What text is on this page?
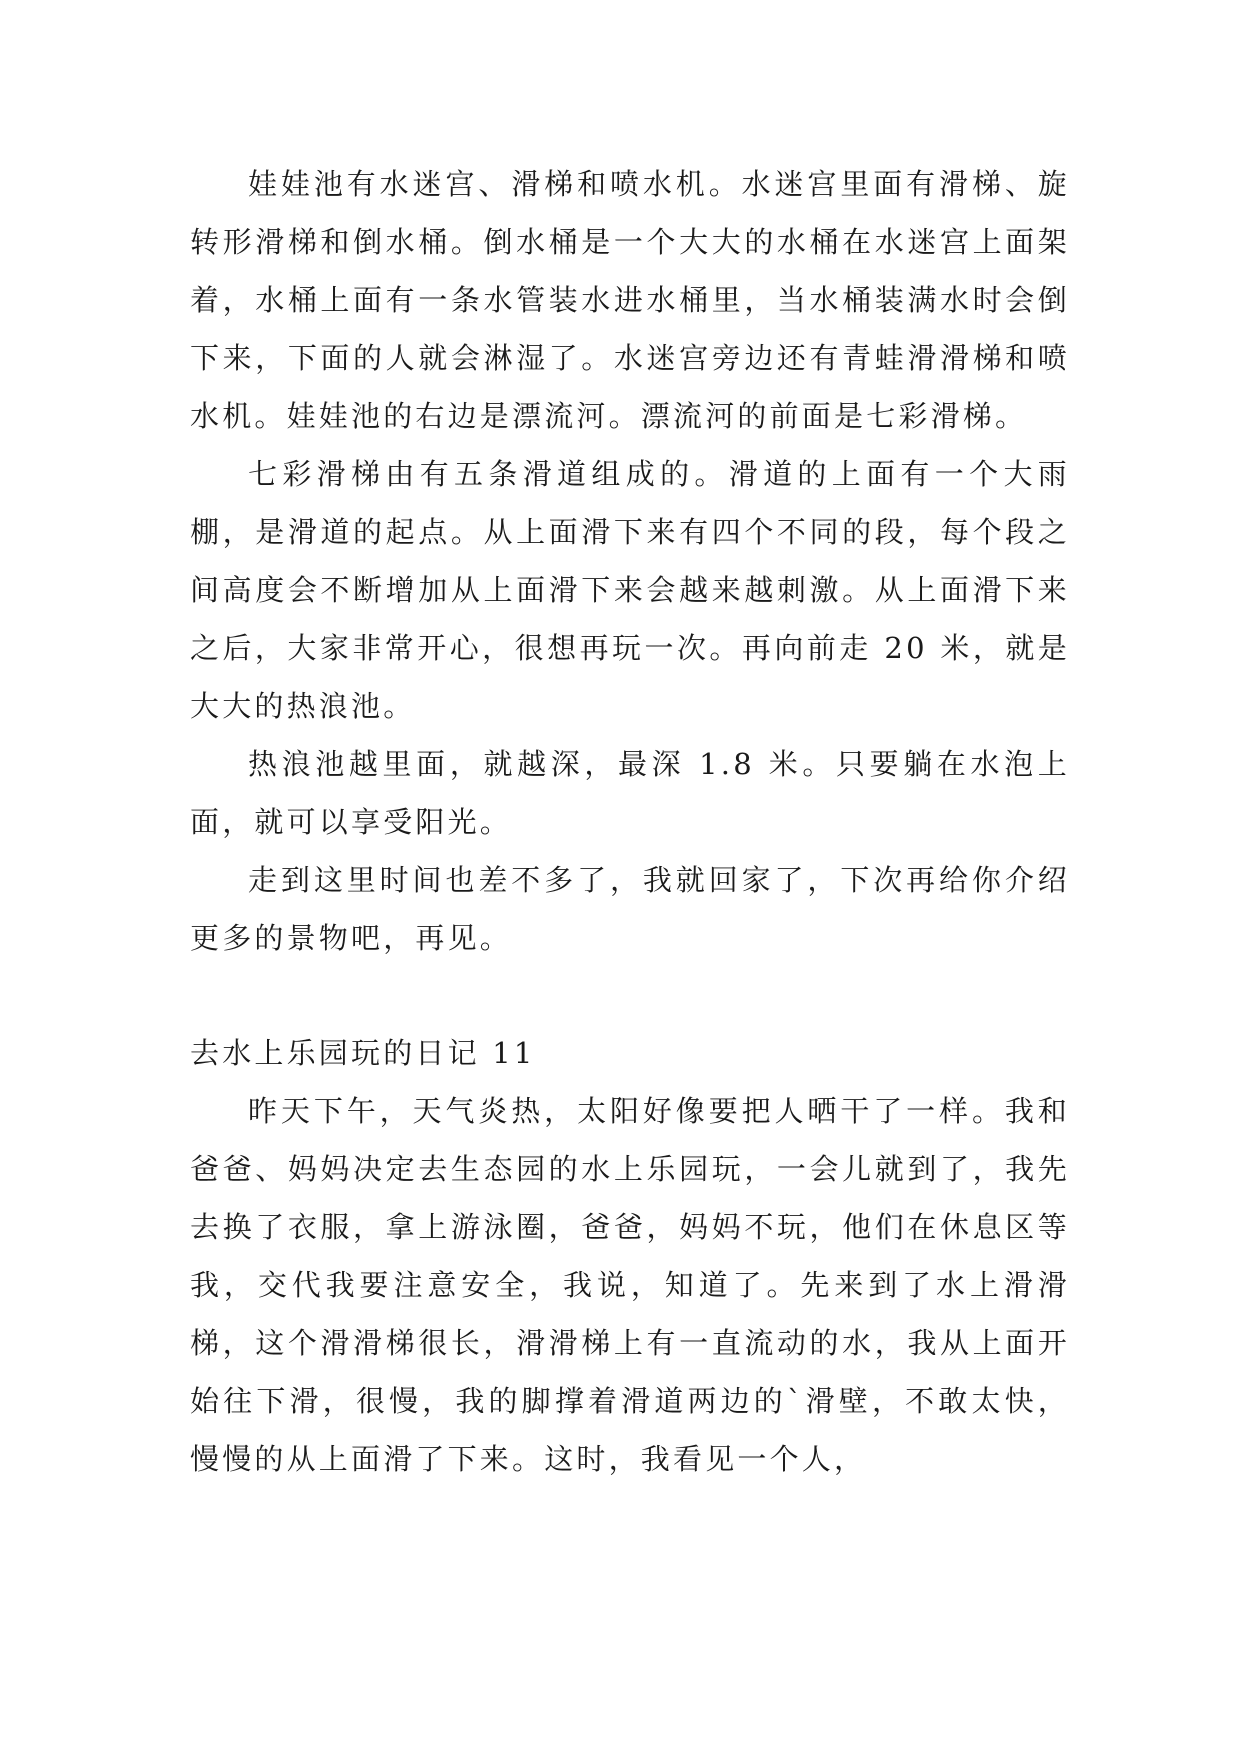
娃娃池有水迷宫、滑梯和喷水机。水迷宫里面有滑梯、旋转形滑梯和倒水桶。倒水桶是一个大大的水桶在水迷宫上面架着，水桶上面有一条水管装水进水桶里，当水桶装满水时会倒下来，下面的人就会淋湿了。水迷宫旁边还有青蛙滑滑梯和喷水机。娃娃池的右边是漂流河。漂流河的前面是七彩滑梯。

七彩滑梯由有五条滑道组成的。滑道的上面有一个大雨棚，是滑道的起点。从上面滑下来有四个不同的段，每个段之间高度会不断增加从上面滑下来会越来越刺激。从上面滑下来之后，大家非常开心，很想再玩一次。再向前走 20 米，就是大大的热浪池。

热浪池越里面，就越深，最深 1.8 米。只要躺在水泡上面，就可以享受阳光。

走到这里时间也差不多了，我就回家了，下次再给你介绍更多的景物吧，再见。

去水上乐园玩的日记 11

昨天下午，天气炎热，太阳好像要把人晒干了一样。我和爸爸、妈妈决定去生态园的水上乐园玩，一会儿就到了，我先去换了衣服，拿上游泳圈，爸爸，妈妈不玩，他们在休息区等我，交代我要注意安全，我说，知道了。先来到了水上滑滑梯，这个滑滑梯很长，滑滑梯上有一直流动的水，我从上面开始往下滑，很慢，我的脚撑着滑道两边的`滑壁，不敢太快，慢慢的从上面滑了下来。这时，我看见一个人，
